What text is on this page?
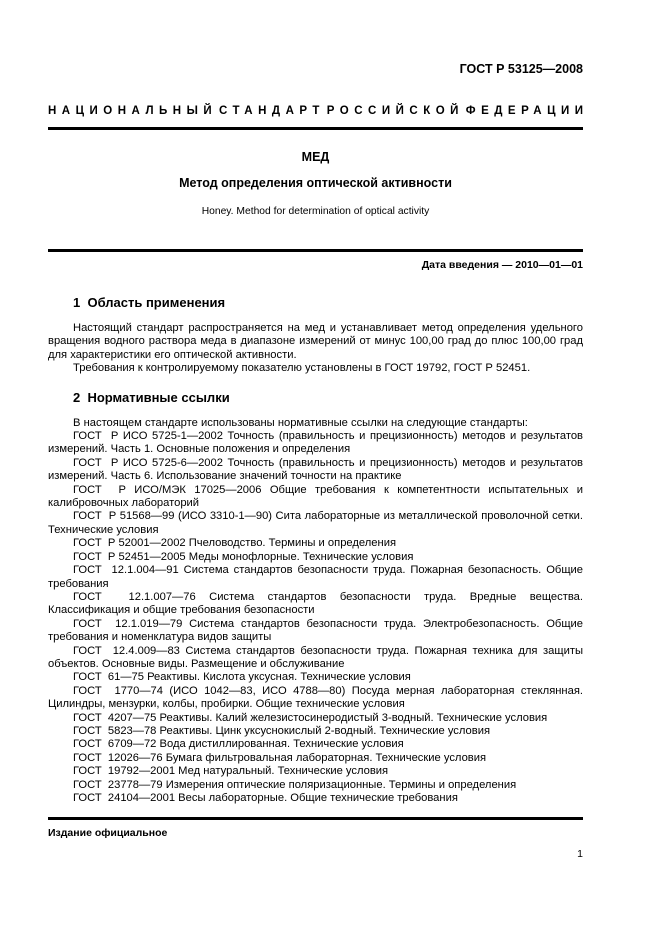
ГОСТ Р 53125—2008
НАЦИОНАЛЬНЫЙ СТАНДАРТ РОССИЙСКОЙ ФЕДЕРАЦИИ
МЕД
Метод определения оптической активности
Honey. Method for determination of optical activity
Дата введения — 2010—01—01
1  Область применения

Настоящий стандарт распространяется на мед и устанавливает метод определения удельного вращения водного раствора меда в диапазоне измерений от минус 100,00 град до плюс 100,00 град для характеристики его оптической активности.

Требования к контролируемому показателю установлены в ГОСТ 19792, ГОСТ Р 52451.

2  Нормативные ссылки

В настоящем стандарте использованы нормативные ссылки на следующие стандарты:

ГОСТ  Р ИСО 5725-1—2002 Точность (правильность и прецизионность) методов и результатов измерений. Часть 1. Основные положения и определения

ГОСТ  Р ИСО 5725-6—2002 Точность (правильность и прецизионность) методов и результатов измерений. Часть 6. Использование значений точности на практике

ГОСТ  Р ИСО/МЭК 17025—2006 Общие требования к компетентности испытательных и калибровочных лабораторий

ГОСТ  Р 51568—99 (ИСО 3310-1—90) Сита лабораторные из металлической проволочной сетки. Технические условия

ГОСТ  Р 52001—2002 Пчеловодство. Термины и определения

ГОСТ  Р 52451—2005 Меды монофлорные. Технические условия

ГОСТ  12.1.004—91 Система стандартов безопасности труда. Пожарная безопасность. Общие требования

ГОСТ  12.1.007—76 Система стандартов безопасности труда. Вредные вещества. Классификация и общие требования безопасности

ГОСТ  12.1.019—79 Система стандартов безопасности труда. Электробезопасность. Общие требования и номенклатура видов защиты

ГОСТ  12.4.009—83 Система стандартов безопасности труда. Пожарная техника для защиты объектов. Основные виды. Размещение и обслуживание

ГОСТ  61—75 Реактивы. Кислота уксусная. Технические условия

ГОСТ  1770—74 (ИСО 1042—83, ИСО 4788—80) Посуда мерная лабораторная стеклянная. Цилиндры, мензурки, колбы, пробирки. Общие технические условия

ГОСТ  4207—75 Реактивы. Калий железистосинеродистый 3-водный. Технические условия

ГОСТ  5823—78 Реактивы. Цинк уксуснокислый 2-водный. Технические условия

ГОСТ  6709—72 Вода дистиллированная. Технические условия

ГОСТ  12026—76 Бумага фильтровальная лабораторная. Технические условия

ГОСТ  19792—2001 Мед натуральный. Технические условия

ГОСТ  23778—79 Измерения оптические поляризационные. Термины и определения

ГОСТ  24104—2001 Весы лабораторные. Общие технические требования

Издание официальное
1
